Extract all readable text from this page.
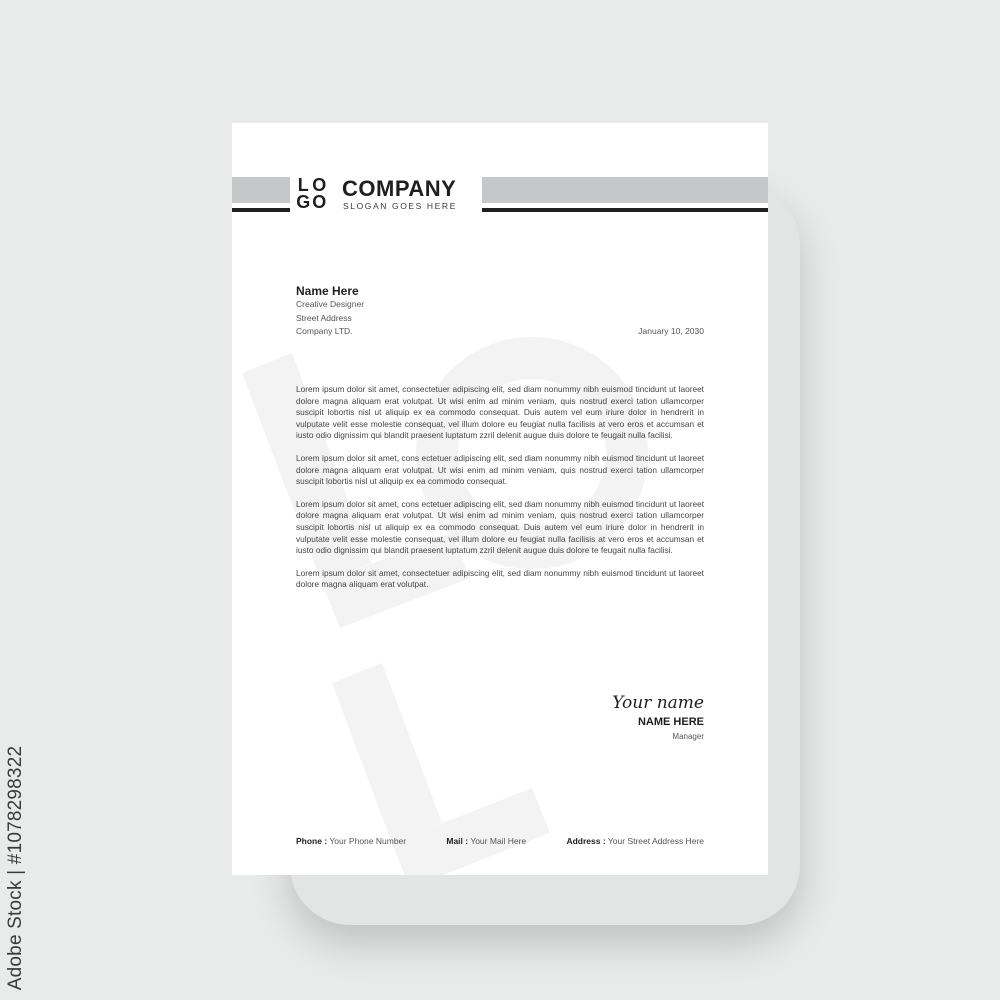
Adobe Stock | #1078298322
L O
G O
COMPANY
SLOGAN GOES HERE
Name Here
Creative Designer
Street Address
Company LTD.	January 10, 2030

Lorem ipsum dolor sit amet, consectetuer adipiscing elit, sed diam nonummy nibh euismod tincidunt ut laoreet dolore magna aliquam erat volutpat. Ut wisi enim ad minim veniam, quis nostrud exerci tation ullamcorper suscipit lobortis nisl ut aliquip ex ea commodo consequat. Duis autem vel eum iriure dolor in hendrerit in vulputate velit esse molestie consequat, vel illum dolore eu feugiat nulla facilisis at vero eros et accumsan et iusto odio dignissim qui blandit praesent luptatum zzril delenit augue duis dolore te feugait nulla facilisi.

Lorem ipsum dolor sit amet, cons ectetuer adipiscing elit, sed diam nonummy nibh euismod tincidunt ut laoreet dolore magna aliquam erat volutpat. Ut wisi enim ad minim veniam, quis nostrud exerci tation ullamcorper suscipit lobortis nisl ut aliquip ex ea commodo consequat.

Lorem ipsum dolor sit amet, cons ectetuer adipiscing elit, sed diam nonummy nibh euismod tincidunt ut laoreet dolore magna aliquam erat volutpat. Ut wisi enim ad minim veniam, quis nostrud exerci tation ullamcorper suscipit lobortis nisl ut aliquip ex ea commodo consequat. Duis autem vel eum iriure dolor in hendrerit in vulputate velit esse molestie consequat, vel illum dolore eu feugiat nulla facilisis at vero eros et accumsan et iusto odio dignissim qui blandit praesent luptatum zzril delenit augue duis dolore te feugait nulla facilisi.

Lorem ipsum dolor sit amet, consectetuer adipiscing elit, sed diam nonummy nibh euismod tincidunt ut laoreet dolore magna aliquam erat volutpat.

Your name
NAME HERE
Manager
Phone : Your Phone Number	Mail : Your Mail Here	Address : Your Street Address Here
